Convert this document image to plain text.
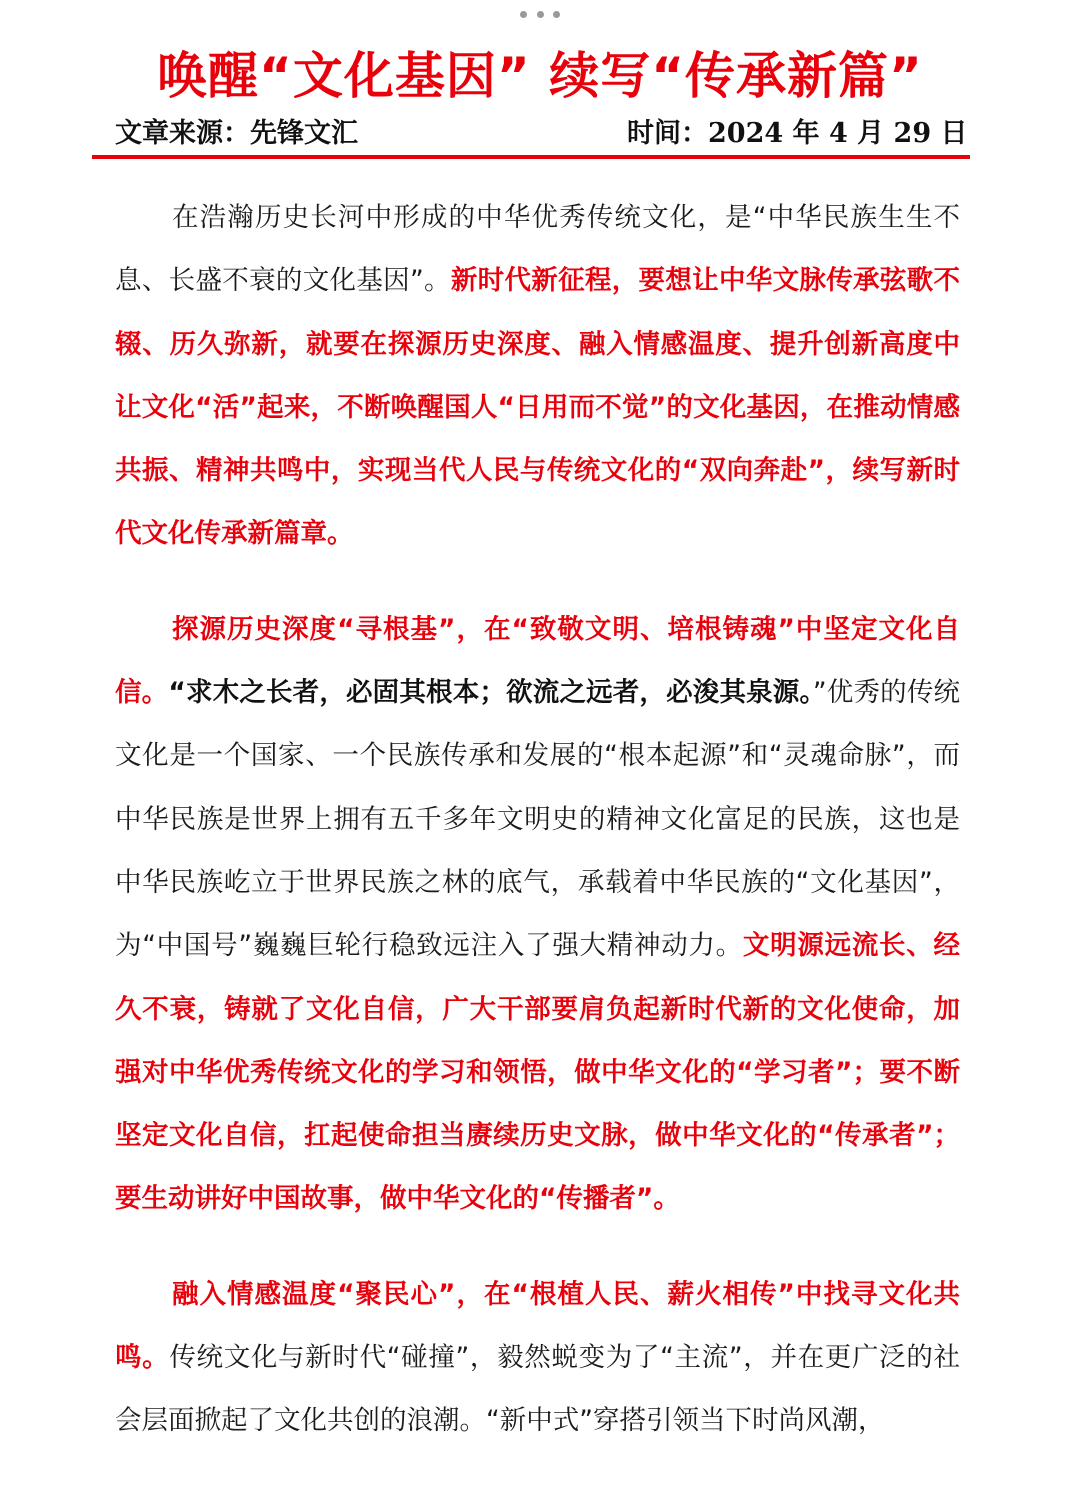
唤醒“文化基因” 续写“传承新篇”
文章来源：先锋文汇	时间：2024 年 4 月 29 日

在浩瀚历史长河中形成的中华优秀传统文化，是“中华民族生生不息、长盛不衰的文化基因”。新时代新征程，要想让中华文脉传承弦歌不辍、历久弥新，就要在探源历史深度、融入情感温度、提升创新高度中让文化“活”起来，不断唤醒国人“日用而不觉”的文化基因，在推动情感共振、精神共鸣中，实现当代人民与传统文化的“双向奔赴”，续写新时代文化传承新篇章。

探源历史深度“寻根基”，在“致敬文明、培根铸魂”中坚定文化自信。“求木之长者，必固其根本；欲流之远者，必浚其泉源。”优秀的传统文化是一个国家、一个民族传承和发展的“根本起源”和“灵魂命脉”，而中华民族是世界上拥有五千多年文明史的精神文化富足的民族，这也是中华民族屹立于世界民族之林的底气，承载着中华民族的“文化基因”，为“中国号”巍巍巨轮行稳致远注入了强大精神动力。文明源远流长、经久不衰，铸就了文化自信，广大干部要肩负起新时代新的文化使命，加强对中华优秀传统文化的学习和领悟，做中华文化的“学习者”；要不断坚定文化自信，扛起使命担当赓续历史文脉，做中华文化的“传承者”；要生动讲好中国故事，做中华文化的“传播者”。

融入情感温度“聚民心”，在“根植人民、薪火相传”中找寻文化共鸣。传统文化与新时代“碰撞”，毅然蜕变为了“主流”，并在更广泛的社会层面掀起了文化共创的浪潮。“新中式”穿搭引领当下时尚风潮，
